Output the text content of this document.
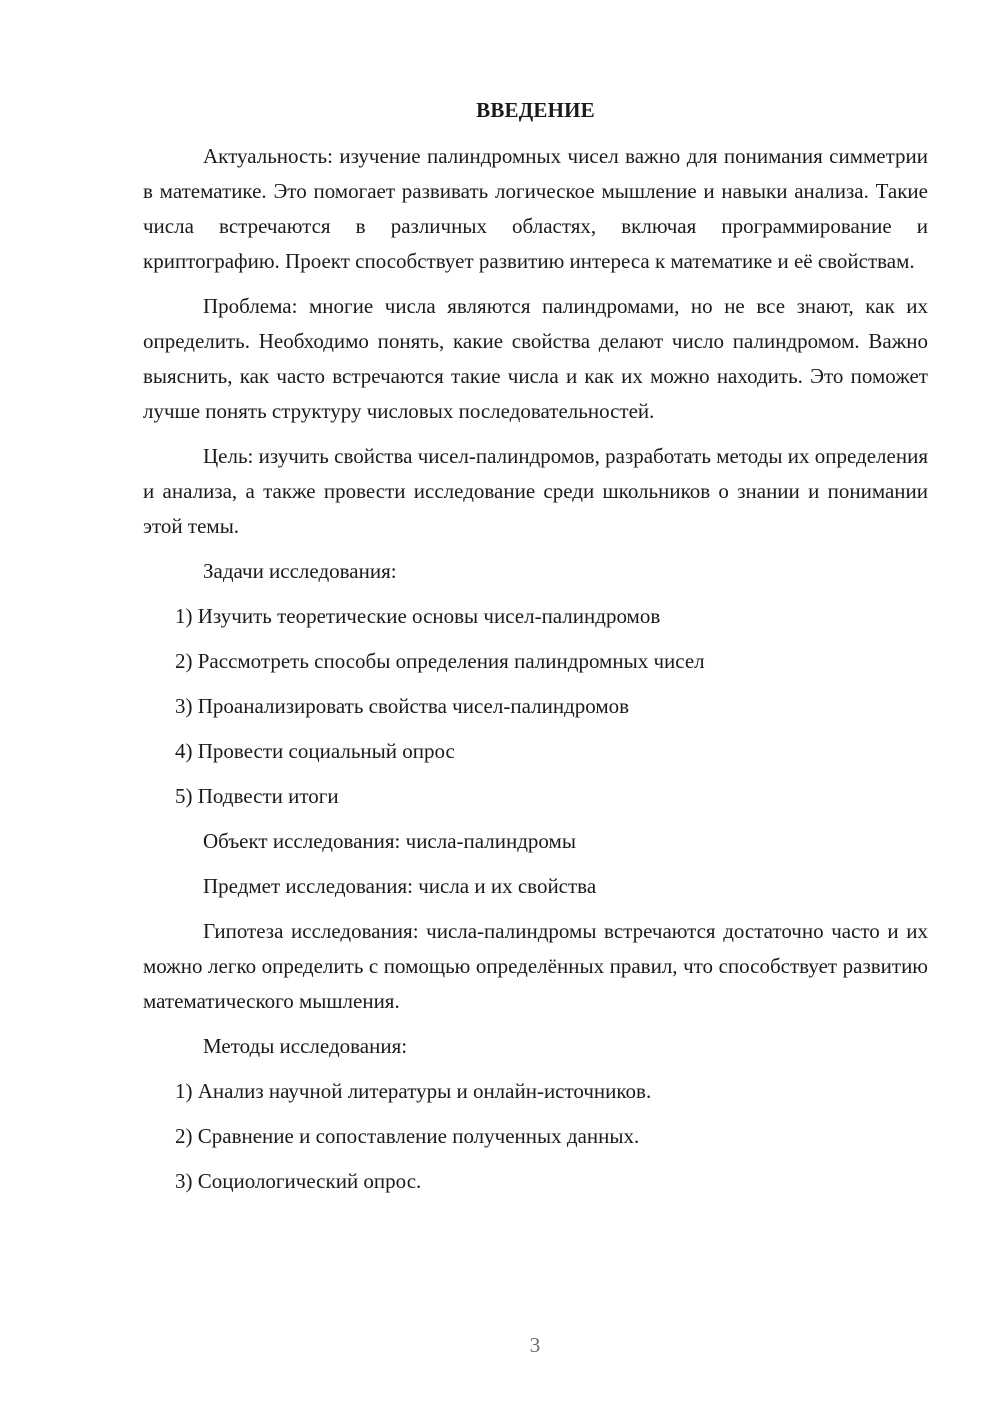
ВВЕДЕНИЕ

Актуальность: изучение палиндромных чисел важно для понимания симметрии в математике. Это помогает развивать логическое мышление и навыки анализа. Такие числа встречаются в различных областях, включая программирование и криптографию. Проект способствует развитию интереса к математике и её свойствам.

Проблема: многие числа являются палиндромами, но не все знают, как их определить. Необходимо понять, какие свойства делают число палиндромом. Важно выяснить, как часто встречаются такие числа и как их можно находить. Это поможет лучше понять структуру числовых последовательностей.

Цель: изучить свойства чисел-палиндромов, разработать методы их определения и анализа, а также провести исследование среди школьников о знании и понимании этой темы.

Задачи исследования:
1) Изучить теоретические основы чисел-палиндромов
2) Рассмотреть способы определения палиндромных чисел
3) Проанализировать свойства чисел-палиндромов
4) Провести социальный опрос
5) Подвести итоги
Объект исследования: числа-палиндромы
Предмет исследования: числа и их свойства

Гипотеза исследования: числа-палиндромы встречаются достаточно часто и их можно легко определить с помощью определённых правил, что способствует развитию математического мышления.

Методы исследования:
1) Анализ научной литературы и онлайн-источников.
2) Сравнение и сопоставление полученных данных.
3) Социологический опрос.
3
